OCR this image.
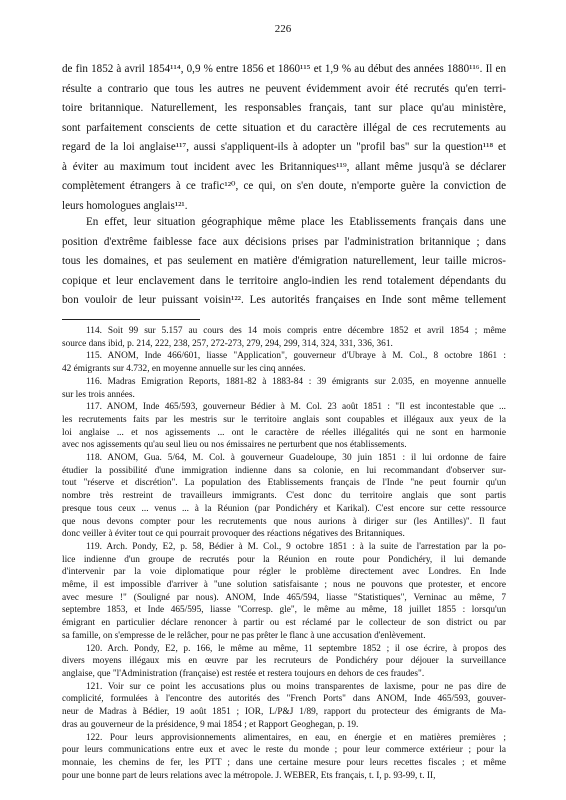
226
de fin 1852 à avril 1854¹¹⁴, 0,9 % entre 1856 et 1860¹¹⁵ et 1,9 % au début des années 1880¹¹⁶. Il en
résulte a contrario que tous les autres ne peuvent évidemment avoir été recrutés qu'en terri-
toire britannique. Naturellement, les responsables français, tant sur place qu'au ministère,
sont parfaitement conscients de cette situation et du caractère illégal de ces recrutements au
regard de la loi anglaise¹¹⁷, aussi s'appliquent-ils à adopter un "profil bas" sur la question¹¹⁸ et
à éviter au maximum tout incident avec les Britanniques¹¹⁹, allant même jusqu'à se déclarer
complètement étrangers à ce trafic¹²⁰, ce qui, on s'en doute, n'emporte guère la conviction de
leurs homologues anglais¹²¹.
En effet, leur situation géographique même place les Etablissements français dans une
position d'extrême faiblesse face aux décisions prises par l'administration britannique ; dans
tous les domaines, et pas seulement en matière d'émigration naturellement, leur taille micros-
copique et leur enclavement dans le territoire anglo-indien les rend totalement dépendants du
bon vouloir de leur puissant voisin¹²². Les autorités françaises en Inde sont même tellement
114. Soit 99 sur 5.157 au cours des 14 mois compris entre décembre 1852 et avril 1854 ; même
source dans ibid, p. 214, 222, 238, 257, 272-273, 279, 294, 299, 314, 324, 331, 336, 361.
115. ANOM, Inde 466/601, liasse "Application", gouverneur d'Ubraye à M. Col., 8 octobre 1861 :
42 émigrants sur 4.732, en moyenne annuelle sur les cinq années.
116. Madras Emigration Reports, 1881-82 à 1883-84 : 39 émigrants sur 2.035, en moyenne annuelle
sur les trois années.
117. ANOM, Inde 465/593, gouverneur Bédier à M. Col. 23 août 1851 : "Il est incontestable que ...
les recrutements faits par les mestris sur le territoire anglais sont coupables et illégaux aux yeux de la
loi anglaise ... et nos agissements ... ont le caractère de réelles illégalités qui ne sont en harmonie
avec nos agissements qu'au seul lieu ou nos émissaires ne perturbent que nos établissements.
118. ANOM, Gua. 5/64, M. Col. à gouverneur Guadeloupe, 30 juin 1851 : il lui ordonne de faire
étudier la possibilité d'une immigration indienne dans sa colonie, en lui recommandant d'observer sur-
tout "réserve et discrétion". La population des Etablissements français de l'Inde "ne peut fournir qu'un
nombre très restreint de travailleurs immigrants. C'est donc du territoire anglais que sont partis
presque tous ceux ... venus ... à la Réunion (par Pondichéry et Karikal). C'est encore sur cette ressource
que nous devons compter pour les recrutements que nous aurions à diriger sur (les Antilles)". Il faut
donc veiller à éviter tout ce qui pourrait provoquer des réactions négatives des Britanniques.
119. Arch. Pondy, E2, p. 58, Bédier à M. Col., 9 octobre 1851 : à la suite de l'arrestation par la po-
lice indienne d'un groupe de recrutés pour la Réunion en route pour Pondichéry, il lui demande
d'intervenir par la voie diplomatique pour régler le problème directement avec Londres. En Inde
même, il est impossible d'arriver à "une solution satisfaisante ; nous ne pouvons que protester, et encore
avec mesure !" (Souligné par nous). ANOM, Inde 465/594, liasse "Statistiques", Verninac au même, 7
septembre 1853, et Inde 465/595, liasse "Corresp. gle", le même au même, 18 juillet 1855 : lorsqu'un
émigrant en particulier déclare renoncer à partir ou est réclamé par le collecteur de son district ou par
sa famille, on s'empresse de le relâcher, pour ne pas prêter le flanc à une accusation d'enlèvement.
120. Arch. Pondy, E2, p. 166, le même au même, 11 septembre 1852 ; il ose écrire, à propos des
divers moyens illégaux mis en œuvre par les recruteurs de Pondichéry pour déjouer la surveillance
anglaise, que "l'Administration (française) est restée et restera toujours en dehors de ces fraudes".
121. Voir sur ce point les accusations plus ou moins transparentes de laxisme, pour ne pas dire de
complicité, formulées à l'encontre des autorités des "French Ports" dans ANOM, Inde 465/593, gouver-
neur de Madras à Bédier, 19 août 1851 ; IOR, L/P&J 1/89, rapport du protecteur des émigrants de Ma-
dras au gouverneur de la présidence, 9 mai 1854 ; et Rapport Geoghegan, p. 19.
122. Pour leurs approvisionnements alimentaires, en eau, en énergie et en matières premières ;
pour leurs communications entre eux et avec le reste du monde ; pour leur commerce extérieur ; pour la
monnaie, les chemins de fer, les PTT ; dans une certaine mesure pour leurs recettes fiscales ; et même
pour une bonne part de leurs relations avec la métropole. J. WEBER, Ets français, t. I, p. 93-99, t. II,
